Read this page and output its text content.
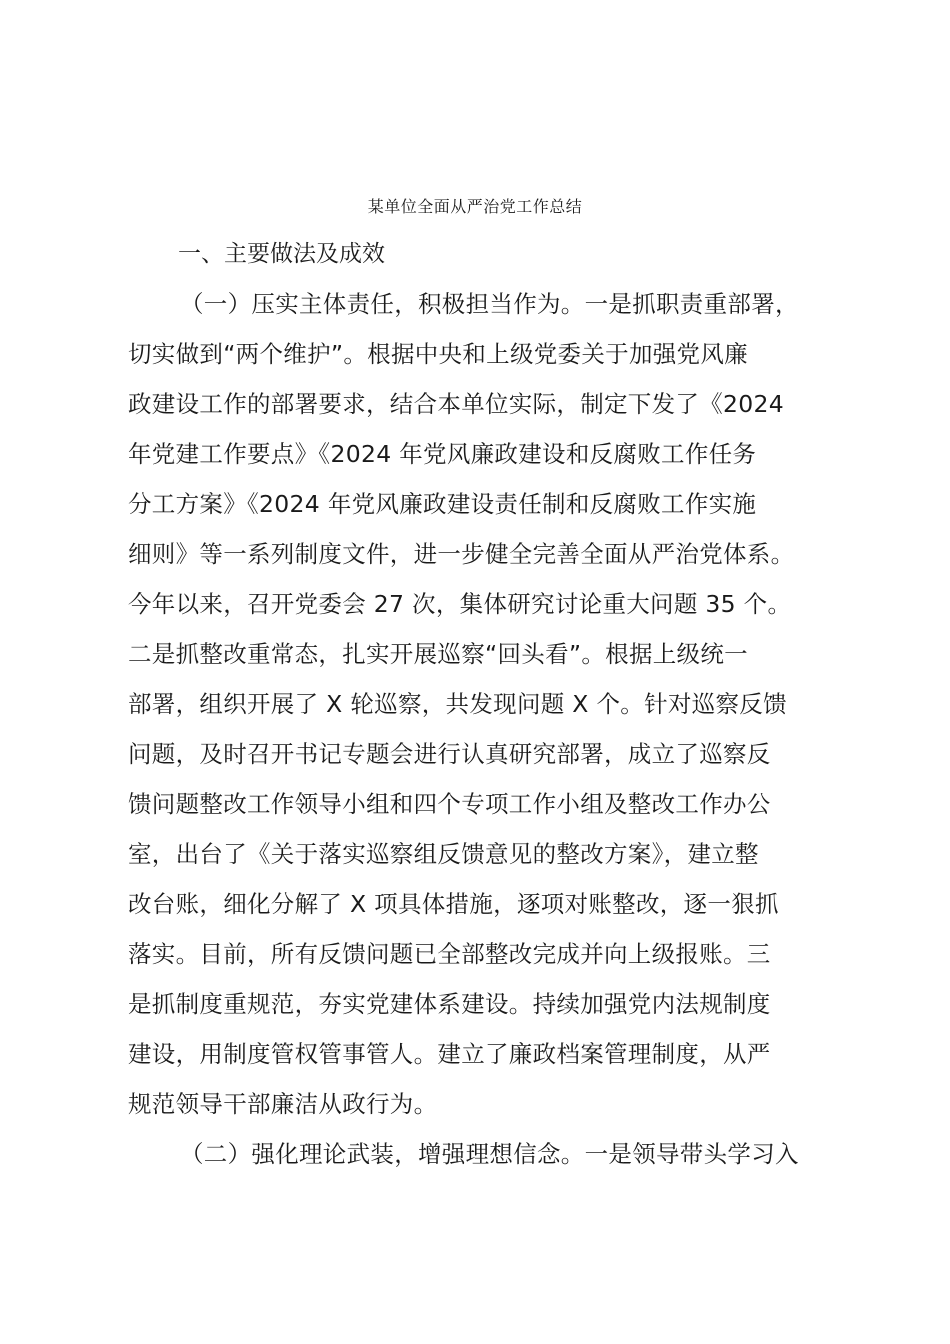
某单位全面从严治党工作总结
一、主要做法及成效
（一）压实主体责任，积极担当作为。一是抓职责重部署，
切实做到“两个维护”。根据中央和上级党委关于加强党风廉
政建设工作的部署要求，结合本单位实际，制定下发了《2024
年党建工作要点》《2024 年党风廉政建设和反腐败工作任务
分工方案》《2024 年党风廉政建设责任制和反腐败工作实施
细则》等一系列制度文件，进一步健全完善全面从严治党体系。
今年以来，召开党委会 27 次，集体研究讨论重大问题 35 个。
二是抓整改重常态，扎实开展巡察“回头看”。根据上级统一
部署，组织开展了 X 轮巡察，共发现问题 X 个。针对巡察反馈
问题，及时召开书记专题会进行认真研究部署，成立了巡察反
馈问题整改工作领导小组和四个专项工作小组及整改工作办公
室，出台了《关于落实巡察组反馈意见的整改方案》，建立整
改台账，细化分解了 X 项具体措施，逐项对账整改，逐一狠抓
落实。目前，所有反馈问题已全部整改完成并向上级报账。三
是抓制度重规范，夯实党建体系建设。持续加强党内法规制度
建设，用制度管权管事管人。建立了廉政档案管理制度，从严
规范领导干部廉洁从政行为。
（二）强化理论武装，增强理想信念。一是领导带头学习入
